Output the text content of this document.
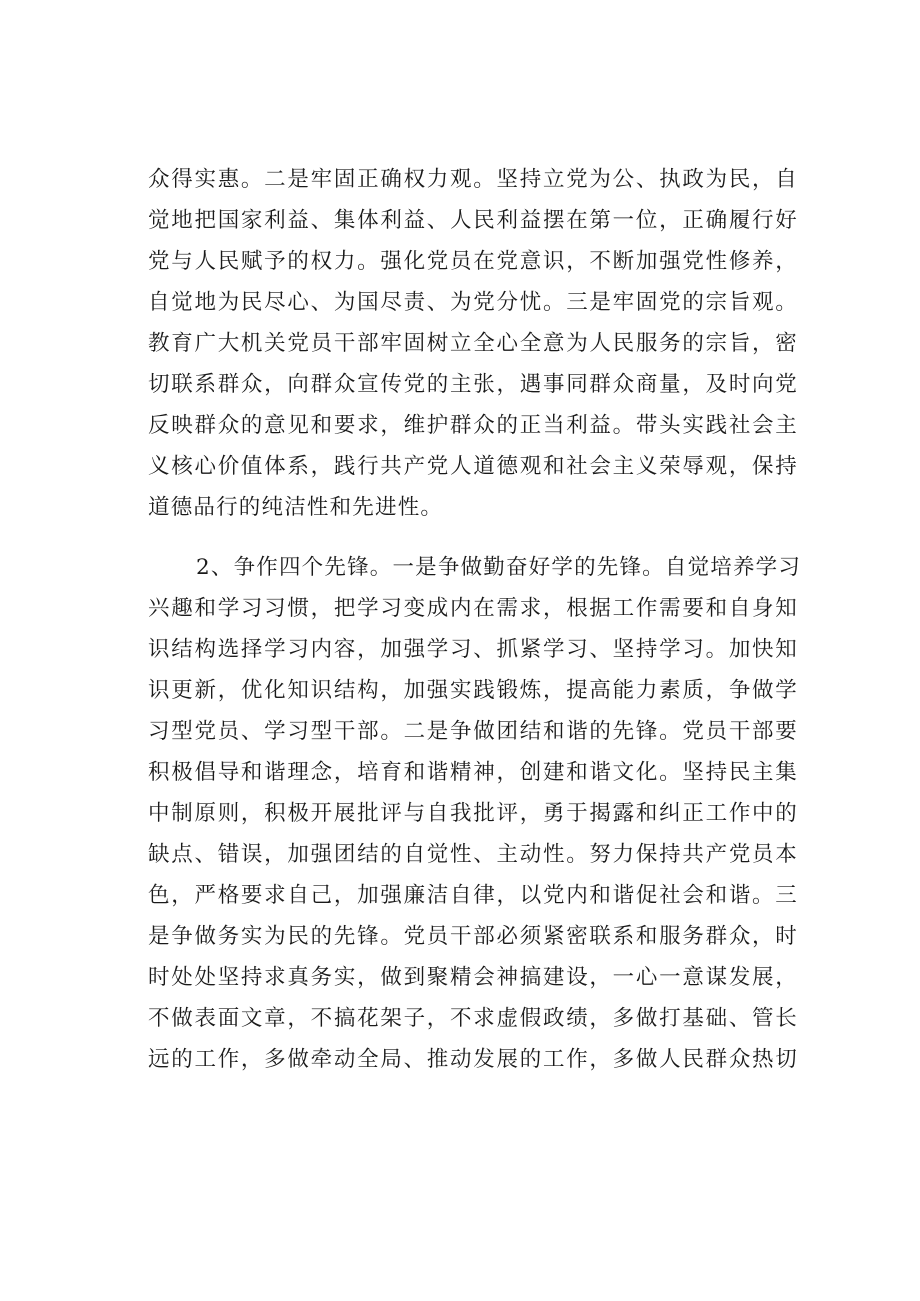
众得实惠。二是牢固正确权力观。坚持立党为公、执政为民，自
觉地把国家利益、集体利益、人民利益摆在第一位，正确履行好
党与人民赋予的权力。强化党员在党意识，不断加强党性修养，
自觉地为民尽心、为国尽责、为党分忧。三是牢固党的宗旨观。
教育广大机关党员干部牢固树立全心全意为人民服务的宗旨，密
切联系群众，向群众宣传党的主张，遇事同群众商量，及时向党
反映群众的意见和要求，维护群众的正当利益。带头实践社会主
义核心价值体系，践行共产党人道德观和社会主义荣辱观，保持
道德品行的纯洁性和先进性。
2、争作四个先锋。一是争做勤奋好学的先锋。自觉培养学习
兴趣和学习习惯，把学习变成内在需求，根据工作需要和自身知
识结构选择学习内容，加强学习、抓紧学习、坚持学习。加快知
识更新，优化知识结构，加强实践锻炼，提高能力素质，争做学
习型党员、学习型干部。二是争做团结和谐的先锋。党员干部要
积极倡导和谐理念，培育和谐精神，创建和谐文化。坚持民主集
中制原则，积极开展批评与自我批评，勇于揭露和纠正工作中的
缺点、错误，加强团结的自觉性、主动性。努力保持共产党员本
色，严格要求自己，加强廉洁自律，以党内和谐促社会和谐。三
是争做务实为民的先锋。党员干部必须紧密联系和服务群众，时
时处处坚持求真务实，做到聚精会神搞建设，一心一意谋发展，
不做表面文章，不搞花架子，不求虚假政绩，多做打基础、管长
远的工作，多做牵动全局、推动发展的工作，多做人民群众热切
